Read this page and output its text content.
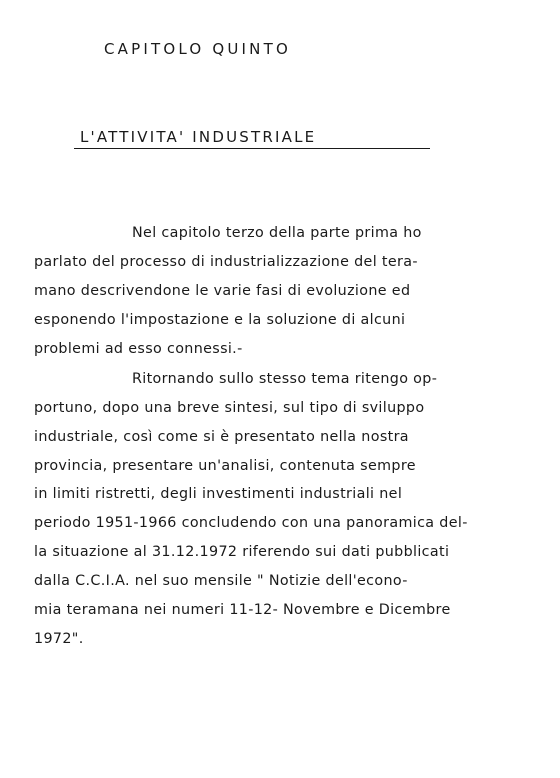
CAPITOLO QUINTO
L'ATTIVITA' INDUSTRIALE
Nel capitolo terzo della parte prima ho
parlato del processo di industrializzazione del tera-
mano descrivendone le varie fasi di evoluzione ed
esponendo l'impostazione e la soluzione di alcuni
problemi ad esso connessi.-
Ritornando sullo stesso tema ritengo op-
portuno, dopo una breve sintesi, sul tipo di sviluppo
industriale, così come si è presentato nella nostra
provincia, presentare un'analisi, contenuta sempre
in limiti ristretti, degli investimenti industriali nel
periodo 1951-1966 concludendo con una panoramica del-
la situazione al 31.12.1972 riferendo sui dati pubblicati
dalla C.C.I.A. nel suo mensile " Notizie dell'econo-
mia teramana nei numeri 11-12- Novembre e Dicembre
1972".
